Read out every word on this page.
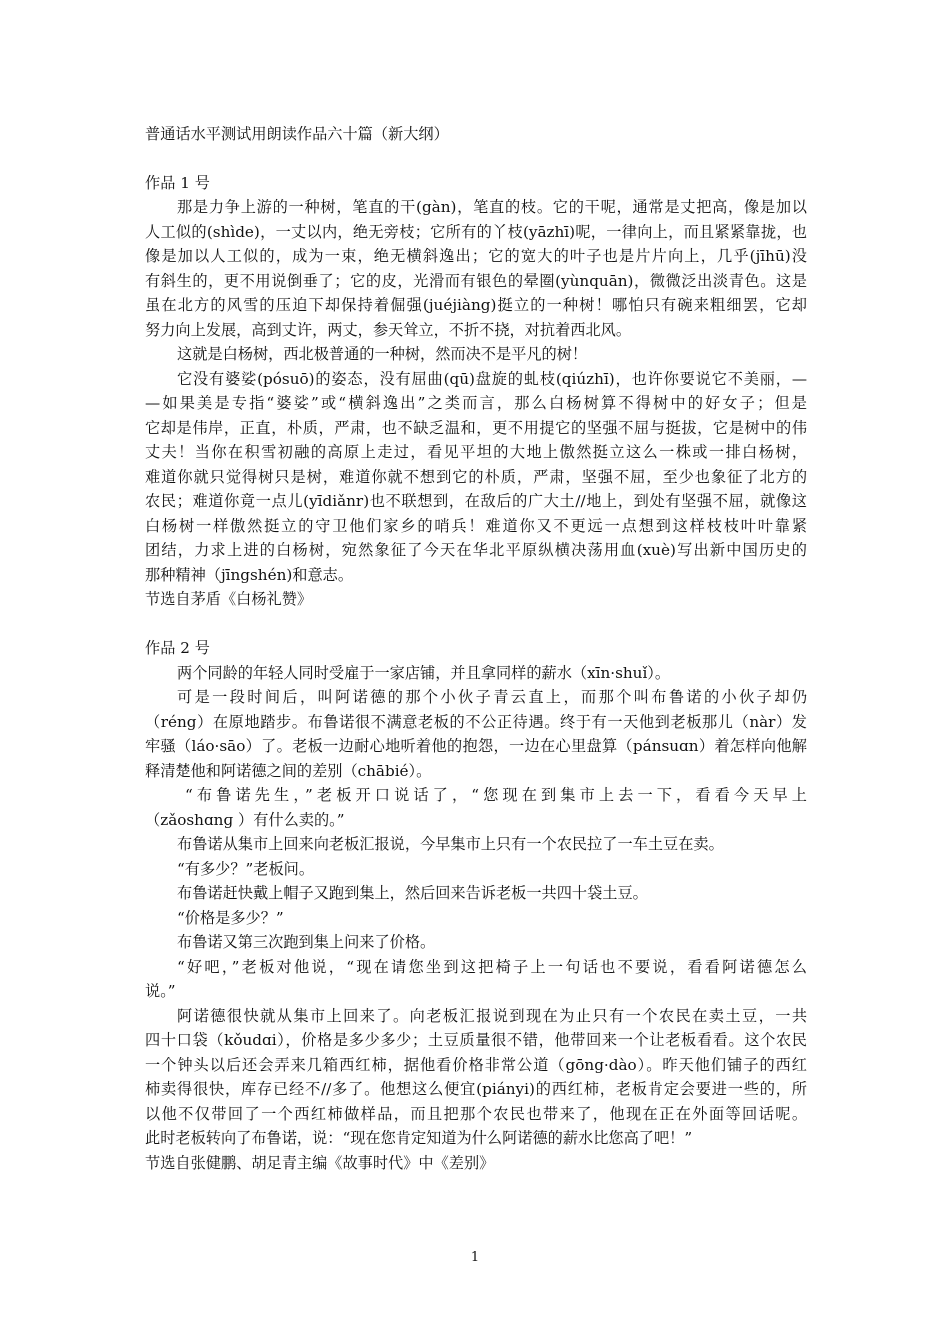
普通话水平测试用朗读作品六十篇（新大纲）
作品 1 号
那是力争上游的一种树，笔直的干(gàn)，笔直的枝。它的干呢，通常是丈把高，像是加以
人工似的(shìde)，一丈以内，绝无旁枝；它所有的丫枝(yāzhī)呢，一律向上，而且紧紧靠拢，也
像是加以人工似的，成为一束，绝无横斜逸出；它的宽大的叶子也是片片向上，几乎(jīhū)没
有斜生的，更不用说倒垂了；它的皮，光滑而有银色的晕圈(yùnquān)，微微泛出淡青色。这是
虽在北方的风雪的压迫下却保持着倔强(juéjiàng)挺立的一种树！哪怕只有碗来粗细罢，它却
努力向上发展，高到丈许，两丈，参天耸立，不折不挠，对抗着西北风。
这就是白杨树，西北极普通的一种树，然而决不是平凡的树！
它没有婆娑(pósuō)的姿态，没有屈曲(qū)盘旋的虬枝(qiúzhī)，也许你要说它不美丽，—
—如果美是专指“婆娑”或“横斜逸出”之类而言，那么白杨树算不得树中的好女子；但是
它却是伟岸，正直，朴质，严肃，也不缺乏温和，更不用提它的坚强不屈与挺拔，它是树中的伟
丈夫！当你在积雪初融的高原上走过，看见平坦的大地上傲然挺立这么一株或一排白杨树，
难道你就只觉得树只是树，难道你就不想到它的朴质，严肃，坚强不屈，至少也象征了北方的
农民；难道你竟一点儿(yīdiǎnr)也不联想到，在敌后的广大土//地上，到处有坚强不屈，就像这
白杨树一样傲然挺立的守卫他们家乡的哨兵！难道你又不更远一点想到这样枝枝叶叶靠紧
团结，力求上进的白杨树，宛然象征了今天在华北平原纵横决荡用血(xuè)写出新中国历史的
那种精神（jīngshén)和意志。
节选自茅盾《白杨礼赞》
作品 2 号
两个同龄的年轻人同时受雇于一家店铺，并且拿同样的薪水（xīn·shuǐ）。
可是一段时间后，叫阿诺德的那个小伙子青云直上，而那个叫布鲁诺的小伙子却仍
（réng）在原地踏步。布鲁诺很不满意老板的不公正待遇。终于有一天他到老板那儿（nàr）发
牢骚（láo·sāo）了。老板一边耐心地听着他的抱怨，一边在心里盘算（pánsuɑn）着怎样向他解
释清楚他和阿诺德之间的差别（chābié）。
“布鲁诺先生，”老板开口说话了，“您现在到集市上去一下，看看今天早上
（zǎoshɑnɡ ）有什么卖的。”
布鲁诺从集市上回来向老板汇报说，今早集市上只有一个农民拉了一车土豆在卖。
“有多少？”老板问。
布鲁诺赶快戴上帽子又跑到集上，然后回来告诉老板一共四十袋土豆。
“价格是多少？”
布鲁诺又第三次跑到集上问来了价格。
“好吧，”老板对他说，“现在请您坐到这把椅子上一句话也不要说，看看阿诺德怎么
说。”
阿诺德很快就从集市上回来了。向老板汇报说到现在为止只有一个农民在卖土豆，一共
四十口袋（kǒudɑi），价格是多少多少；土豆质量很不错，他带回来一个让老板看看。这个农民
一个钟头以后还会弄来几箱西红柿，据他看价格非常公道（gōng·dào）。昨天他们铺子的西红
柿卖得很快，库存已经不//多了。他想这么便宜(piányi)的西红柿，老板肯定会要进一些的，所
以他不仅带回了一个西红柿做样品，而且把那个农民也带来了，他现在正在外面等回话呢。
此时老板转向了布鲁诺，说：“现在您肯定知道为什么阿诺德的薪水比您高了吧！”
节选自张健鹏、胡足青主编《故事时代》中《差别》
1
